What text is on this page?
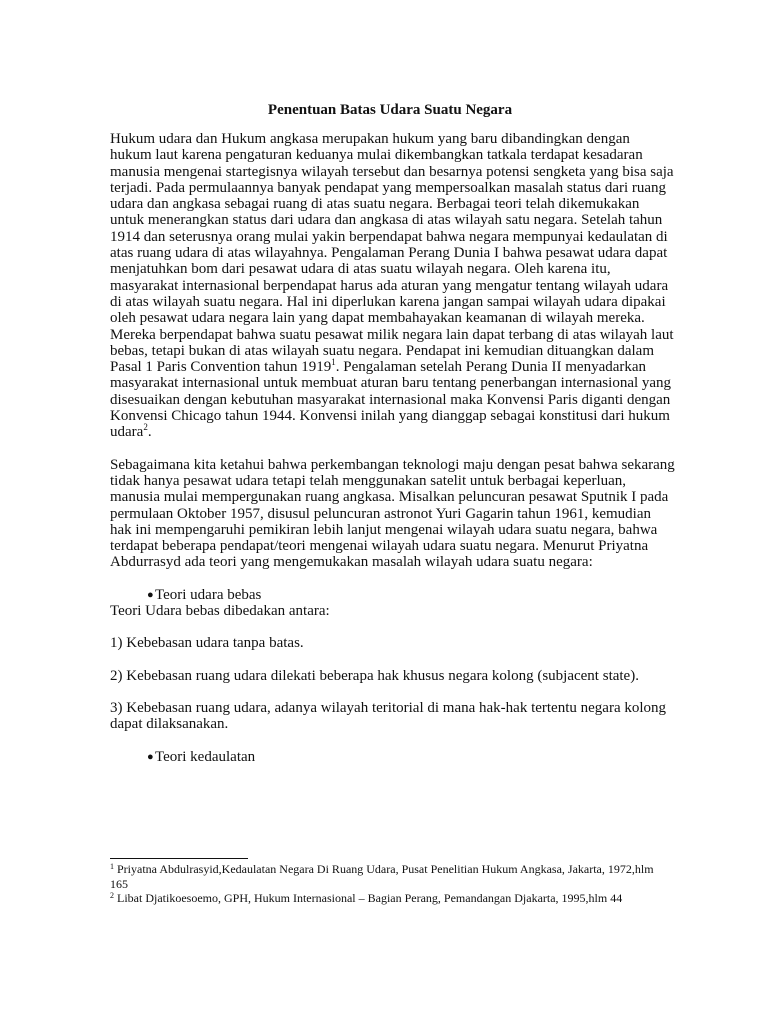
Penentuan Batas Udara Suatu Negara

Hukum udara dan Hukum angkasa merupakan hukum yang baru dibandingkan dengan hukum laut karena pengaturan keduanya mulai dikembangkan tatkala terdapat kesadaran manusia mengenai startegisnya wilayah tersebut dan besarnya potensi sengketa yang bisa saja terjadi. Pada permulaannya banyak pendapat yang mempersoalkan masalah status dari ruang udara dan angkasa sebagai ruang di atas suatu negara. Berbagai teori telah dikemukakan untuk menerangkan status dari udara dan angkasa di atas wilayah satu negara. Setelah tahun 1914 dan seterusnya orang mulai yakin berpendapat bahwa negara mempunyai kedaulatan di atas ruang udara di atas wilayahnya. Pengalaman Perang Dunia I bahwa pesawat udara dapat menjatuhkan bom dari pesawat udara di atas suatu wilayah negara. Oleh karena itu, masyarakat internasional berpendapat harus ada aturan yang mengatur tentang wilayah udara di atas wilayah suatu negara. Hal ini diperlukan karena jangan sampai wilayah udara dipakai oleh pesawat udara negara lain yang dapat membahayakan keamanan di wilayah mereka. Mereka berpendapat bahwa suatu pesawat milik negara lain dapat terbang di atas wilayah laut bebas, tetapi bukan di atas wilayah suatu negara. Pendapat ini kemudian dituangkan dalam Pasal 1 Paris Convention tahun 1919$^1$. Pengalaman setelah Perang Dunia II menyadarkan masyarakat internasional untuk membuat aturan baru tentang penerbangan internasional yang disesuaikan dengan kebutuhan masyarakat internasional maka Konvensi Paris diganti dengan Konvensi Chicago tahun 1944. Konvensi inilah yang dianggap sebagai konstitusi dari hukum udara$^2$.

Sebagaimana kita ketahui bahwa perkembangan teknologi maju dengan pesat bahwa sekarang tidak hanya pesawat udara tetapi telah menggunakan satelit untuk berbagai keperluan, manusia mulai mempergunakan ruang angkasa. Misalkan peluncuran pesawat Sputnik I pada permulaan Oktober 1957, disusul peluncuran astronot Yuri Gagarin tahun 1961, kemudian hak ini mempengaruhi pemikiran lebih lanjut mengenai wilayah udara suatu negara, bahwa terdapat beberapa pendapat/teori mengenai wilayah udara suatu negara. Menurut Priyatna Abdurrasyd ada teori yang mengemukakan masalah wilayah udara suatu negara:

●Teori udara bebas

Teori Udara bebas dibedakan antara:

1) Kebebasan udara tanpa batas.

2) Kebebasan ruang udara dilekati beberapa hak khusus negara kolong (subjacent state).

3) Kebebasan ruang udara, adanya wilayah teritorial di mana hak-hak tertentu negara kolong dapat dilaksanakan.

●Teori kedaulatan

$^1$ Priyatna Abdulrasyid,Kedaulatan Negara Di Ruang Udara, Pusat Penelitian Hukum Angkasa, Jakarta, 1972,hlm 165

$^2$ Libat Djatikoesoemo, GPH, Hukum Internasional – Bagian Perang, Pemandangan Djakarta, 1995,hlm 44
